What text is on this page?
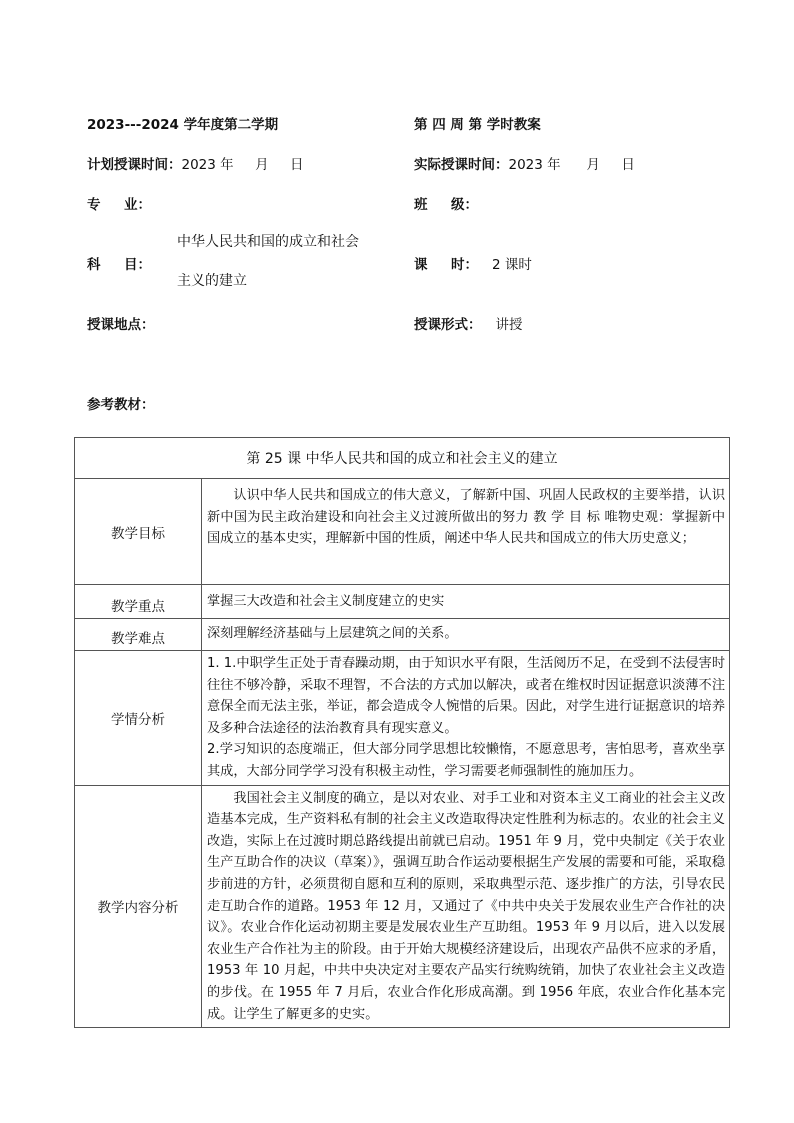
2023---2024 学年度第二学期	第 四 周 第 学时教案
计划授课时间：2023 年     月     日	实际授课时间：2023 年      月     日
专     业：	班     级：
科     目：
中华人民共和国的成立和社会
主义的建立
课     时： 2 课时
授课地点：	授课形式： 讲授
参考教材：
第 25 课 中华人民共和国的成立和社会主义的建立	
教学目标	认识中华人民共和国成立的伟大意义，了解新中国、巩固人民政权的主要举措，认识新中国为民主政治建设和向社会主义过渡所做出的努力 教 学 目 标 唯物史观：掌握新中国成立的基本史实，理解新中国的性质，阐述中华人民共和国成立的伟大历史意义；

教学重点	掌握三大改造和社会主义制度建立的史实
教学难点	深刻理解经济基础与上层建筑之间的关系。
学情分析	1. 1.中职学生正处于青春躁动期，由于知识水平有限，生活阅历不足，在受到不法侵害时往往不够冷静，采取不理智，不合法的方式加以解决，或者在维权时因证据意识淡薄不注意保全而无法主张，举证，都会造成令人惋惜的后果。因此，对学生进行证据意识的培养及多种合法途径的法治教育具有现实意义。

2.学习知识的态度端正，但大部分同学思想比较懒惰，不愿意思考，害怕思考，喜欢坐享其成，大部分同学学习没有积极主动性，学习需要老师强制性的施加压力。

教学内容分析	我国社会主义制度的确立，是以对农业、对手工业和对资本主义工商业的社会主义改造基本完成，生产资料私有制的社会主义改造取得决定性胜利为标志的。农业的社会主义改造，实际上在过渡时期总路线提出前就已启动。1951 年 9 月，党中央制定《关于农业生产互助合作的决议（草案）》，强调互助合作运动要根据生产发展的需要和可能，采取稳步前进的方针，必须贯彻自愿和互利的原则，采取典型示范、逐步推广的方法，引导农民走互助合作的道路。1953 年 12 月，又通过了《中共中央关于发展农业生产合作社的决议》。农业合作化运动初期主要是发展农业生产互助组。1953 年 9 月以后，进入以发展农业生产合作社为主的阶段。由于开始大规模经济建设后，出现农产品供不应求的矛盾，1953 年 10 月起，中共中央决定对主要农产品实行统购统销，加快了农业社会主义改造的步伐。在 1955 年 7 月后，农业合作化形成高潮。到 1956 年底，农业合作化基本完成。让学生了解更多的史实。
